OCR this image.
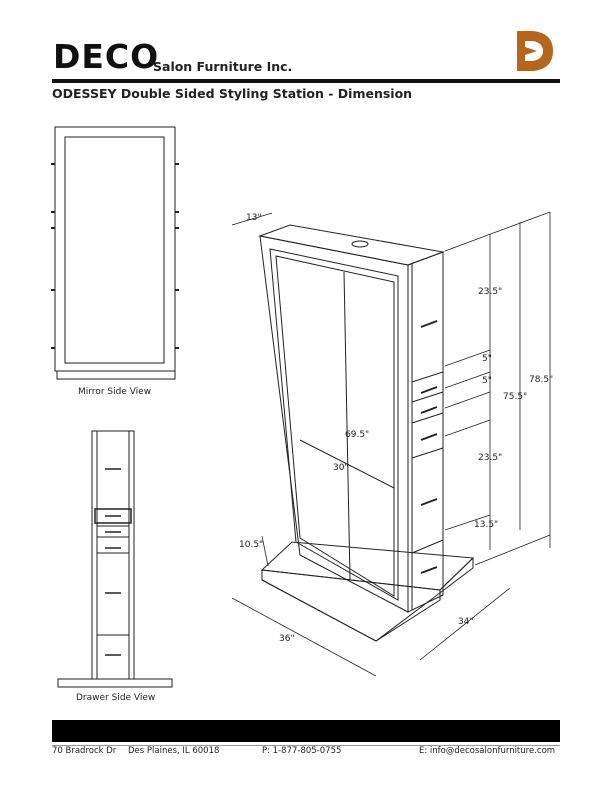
DECO
Salon Furniture Inc.
ODESSEY Double Sided Styling Station - Dimension
Mirror Side View
Drawer Side View
13"
23.5"
5"
5"
23.5"
13.5"
69.5"
30"
75.5"
78.5"
10.5"
36"
34"
70 Bradrock Dr Des Plaines, IL 60018	P: 1-877-805-0755	E: info@decosalonfurniture.com
